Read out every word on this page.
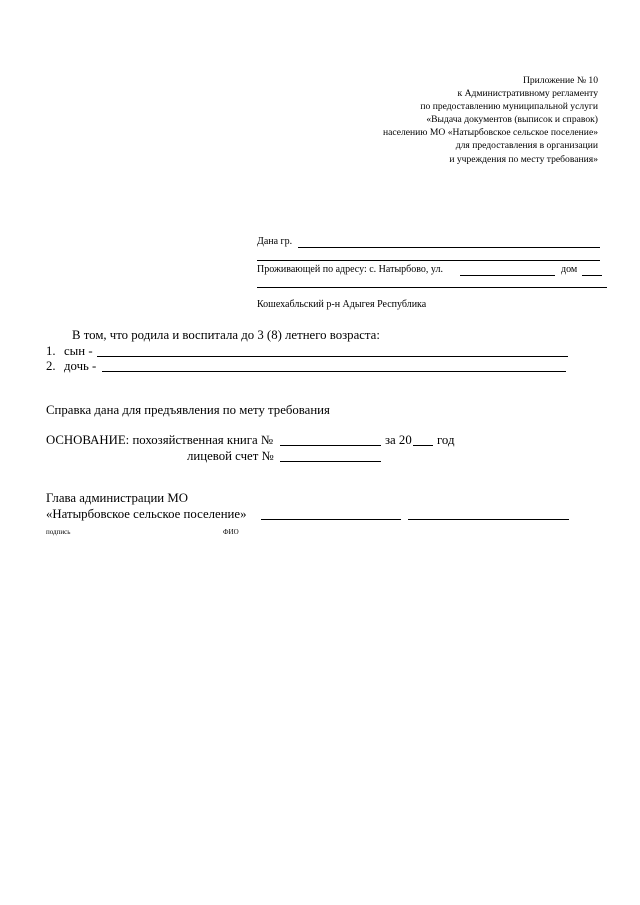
Приложение № 10
к Административному регламенту
по предоставлению муниципальной услуги
«Выдача документов (выписок и справок)
населению МО «Натырбовское сельское поселение»
для предоставления в организации
и учреждения по месту требования»
Дана гр.
Проживающей по адресу: с. Натырбово, ул.	дом
Кошехабльский р-н Адыгея Республика
В том, что родила и воспитала до 3 (8) летнего возраста:
1. сын -
2. дочь -
Справка дана для предъявления по мету требования
ОСНОВАНИЕ: похозяйственная книга №	за 20 год
лицевой счет №
Глава администрации МО
«Натырбовское сельское поселение»
подпись	ФИО
